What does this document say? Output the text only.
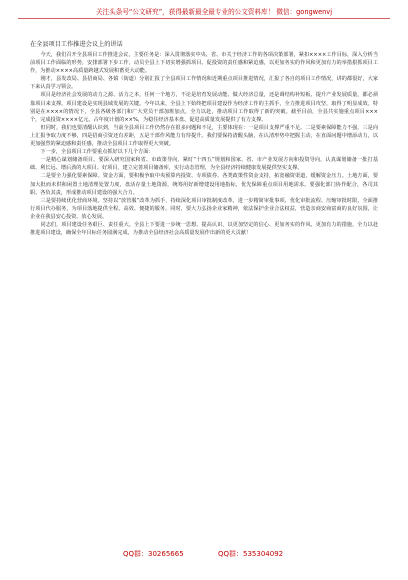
关注头条号“公文研究”，获得最新最全最专业的公文资料库！ 微信：gongwenvj
在全县项目工作推进会议上的讲话

今天，我们召开全县项目工作推进会议，主要任务是：深入贯彻落实中央、省、市关于经济工作的各项决策部署，紧扣××××工作目标，深入分析当前项目工作面临的形势，安排部署下步工作，动员全县上下切实增强抓项目、促投资的责任感和紧迫感，以更加务实的作风和更加有力的举措狠抓项目工作，为推动××××高质量跨越式发展积蓄更大动能。

刚才，县发改局、县招商局、各镇（街道）分别汇报了全县项目工作情况和近期重点项目推进情况，汇报了各自的项目工作情况，讲的都很好，大家下来认真学习领会。

项目是经济社会发展的动力之源、活力之本，任何一个地方，不论是培育发展动能、做大经济总量，还是调结构补短板、提升产业发展质量，都必须靠项目来支撑。项目建设是实现县域发展的关键。今年以来，全县上下始终把项目建设作为经济工作的主抓手，全力推进项目攻坚，取得了明显成效。特别是在××××的情况下，全县各级各部门和广大党员干部加班加点，全力以赴，推动项目工作取得了新的突破。截至目前，全县共实施重点项目×××个，完成投资××××亿元，占年度计划的××%，为稳住经济基本盘、促进高质量发展提供了有力支撑。

但同时，我们也要清醒认识到，当前全县项目工作仍然存在很多问题和不足，主要体现在：一是项目支撑严重不足。二是要素保障能力不强，三是向上汇报争取力度不够，四是招商引资还有差距，五是干部作风能力有待提升。我们要保持清醒头脑，在认清形势中把握主动，在直面问题中增添动力，以更加强烈的紧迫感和责任感，推动全县项目工作取得更大突破。

下一步，全县项目工作要重点抓好以下几个方面：

一是精心谋划储备项目。要深入研究国家和省、市政策导向，紧盯“十四五”规划和国家、省、市产业发展方向和投资导向，认真谋划储备一批打基础、利长远、增后劲的大项目、好项目，建立完善项目储备库，实行动态管理，为全县经济持续健康发展提供坚实支撑。

二是要全力强化要素保障。资金方面，要积极争取中央预算内投资、专项债券、各类政策性资金支持，拓宽融资渠道，缓解资金压力。土地方面，要加大批而未供和闲置土地清理处置力度，盘活存量土地资源，统筹用好新增建设用地指标，优先保障重点项目用地需求。要强化部门协作配合，各司其职、各负其责，形成推动项目建设的强大合力。

三是要持续优化营商环境。坚持以“放管服”改革为抓手，持续深化项目审批制度改革，进一步精简审批事项、优化审批流程、压缩审批时限，全面推行项目代办服务，为项目落地提供全程、高效、便捷的服务。同时，要大力弘扬企业家精神，依法保护企业合法权益，营造亲商安商富商的良好氛围，让企业在我县安心投资、放心发展。

同志们，项目建设任务艰巨、责任重大。全县上下要进一步统一思想、提高认识，以更加坚定的信心、更加务实的作风、更加有力的措施，全力以赴推进项目建设，确保全年目标任务圆满完成，为推动全县经济社会高质量发展作出新的更大贡献！

QQ群：30265665	QQ群：535304092
